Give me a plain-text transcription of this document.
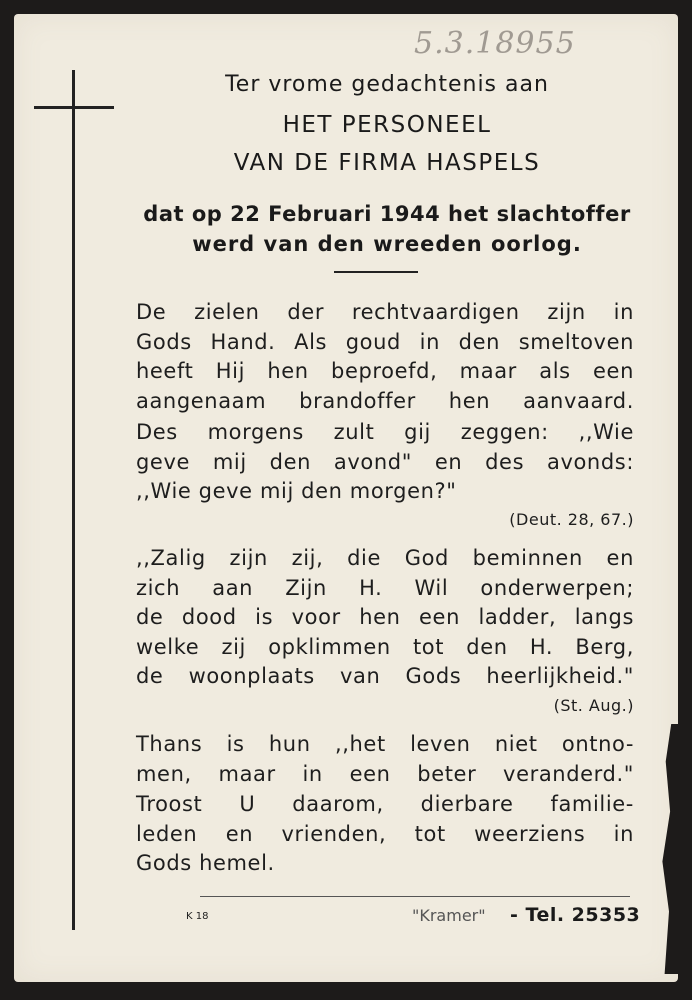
5.3.18955
Ter vrome gedachtenis aan
HET PERSONEEL
VAN DE FIRMA HASPELS
dat op 22 Februari 1944 het slachtoffer
werd van den wreeden oorlog.
De zielen der rechtvaardigen zijn in
Gods Hand. Als goud in den smeltoven
heeft Hij hen beproefd, maar als een
aangenaam brandoffer hen aanvaard.
Des morgens zult gij zeggen: ,,Wie
geve mij den avond" en des avonds:
,,Wie geve mij den morgen?"
(Deut. 28, 67.)
,,Zalig zijn zij, die God beminnen en
zich aan Zijn H. Wil onderwerpen;
de dood is voor hen een ladder, langs
welke zij opklimmen tot den H. Berg,
de woonplaats van Gods heerlijkheid."
(St. Aug.)
Thans is hun ,,het leven niet ontno-
men, maar in een beter veranderd."
Troost U daarom, dierbare familie-
leden en vrienden, tot weerziens in
Gods hemel.
K 18	"Kramer" - Tel. 25353
